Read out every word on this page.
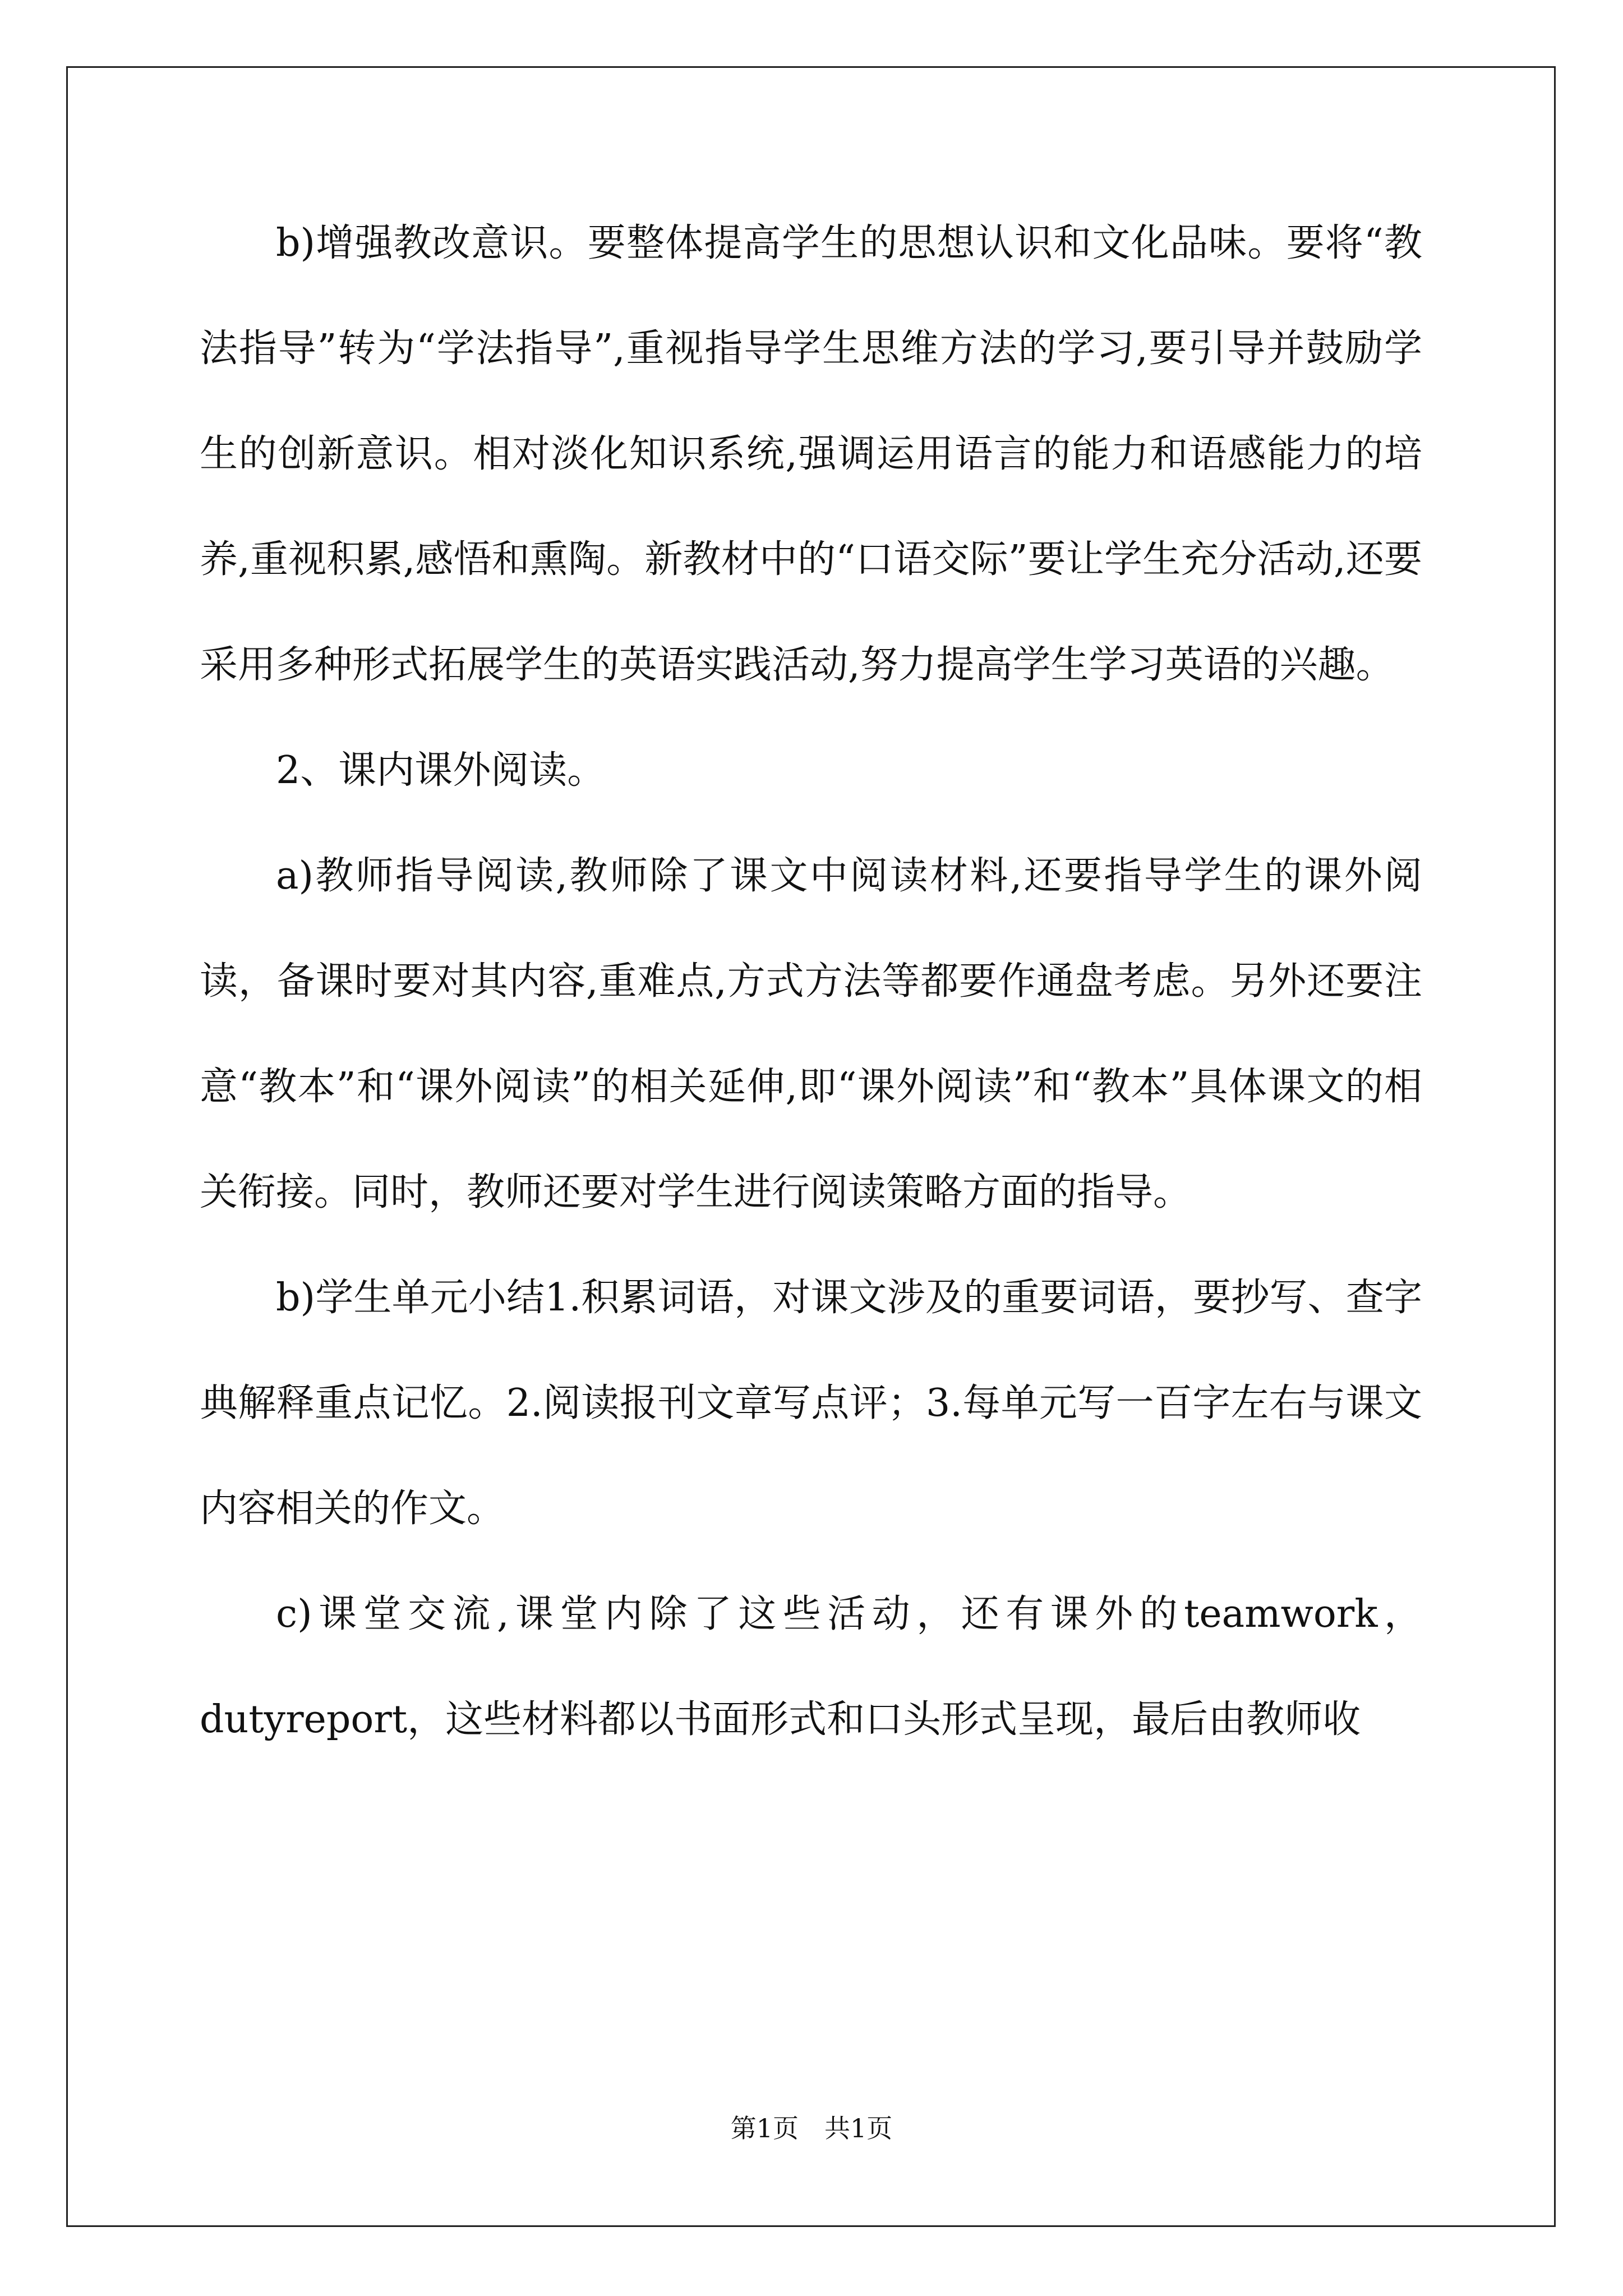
b)增强教改意识。要整体提高学生的思想认识和文化品味。要将“教法指导”转为“学法指导”,重视指导学生思维方法的学习,要引导并鼓励学生的创新意识。相对淡化知识系统,强调运用语言的能力和语感能力的培养,重视积累,感悟和熏陶。新教材中的“口语交际”要让学生充分活动,还要采用多种形式拓展学生的英语实践活动,努力提高学生学习英语的兴趣。

2、课内课外阅读。

a)教师指导阅读,教师除了课文中阅读材料,还要指导学生的课外阅读，备课时要对其内容,重难点,方式方法等都要作通盘考虑。另外还要注意“教本”和“课外阅读”的相关延伸,即“课外阅读”和“教本”具体课文的相关衔接。同时，教师还要对学生进行阅读策略方面的指导。

b)学生单元小结1.积累词语，对课文涉及的重要词语，要抄写、查字典解释重点记忆。2.阅读报刊文章写点评；3.每单元写一百字左右与课文内容相关的作文。

c)课堂交流,课堂内除了这些活动，还有课外的teamwork，dutyreport，这些材料都以书面形式和口头形式呈现，最后由教师收

第1页　共1页
